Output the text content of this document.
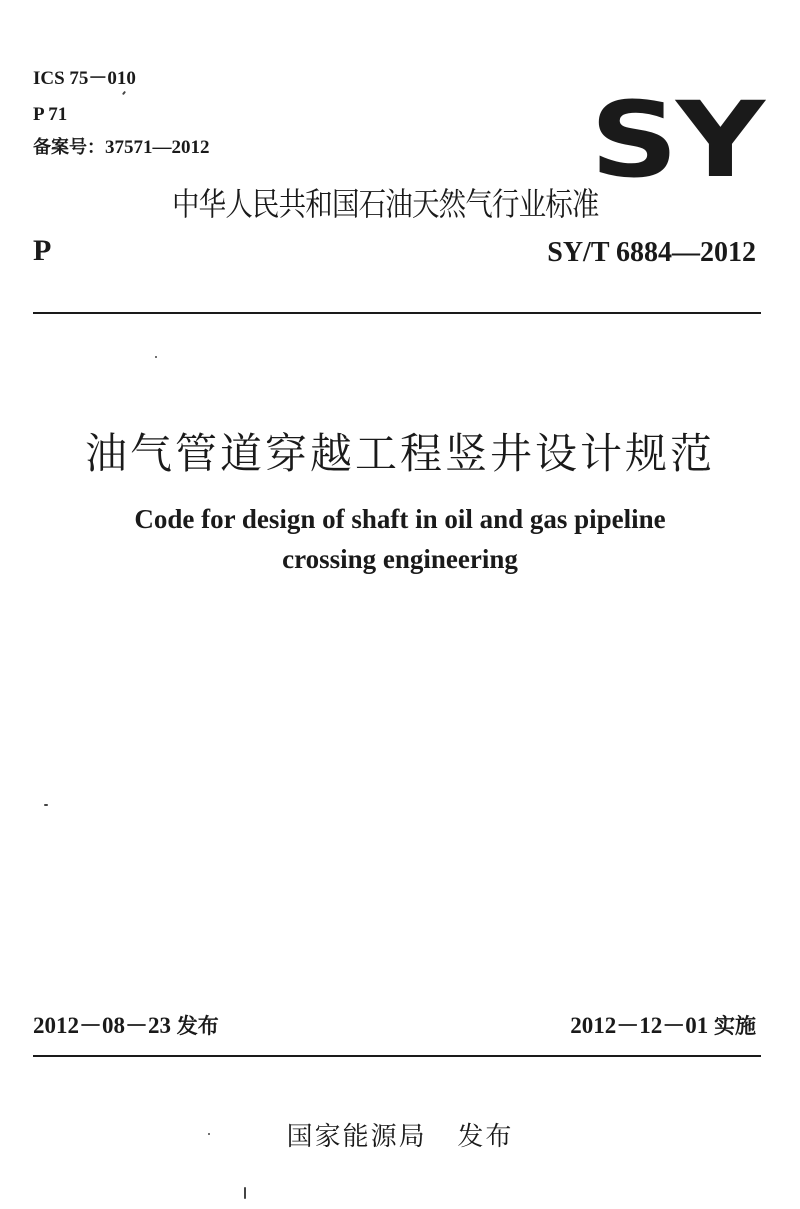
ICS 75－010
P 71
备案号：37571—2012	SY
中华人民共和国石油天然气行业标准
P	SY/T 6884—2012
油气管道穿越工程竖井设计规范
Code for design of shaft in oil and gas pipeline
crossing engineering
2012－08－23 发布	2012－12－01 实施
国家能源局 发布
